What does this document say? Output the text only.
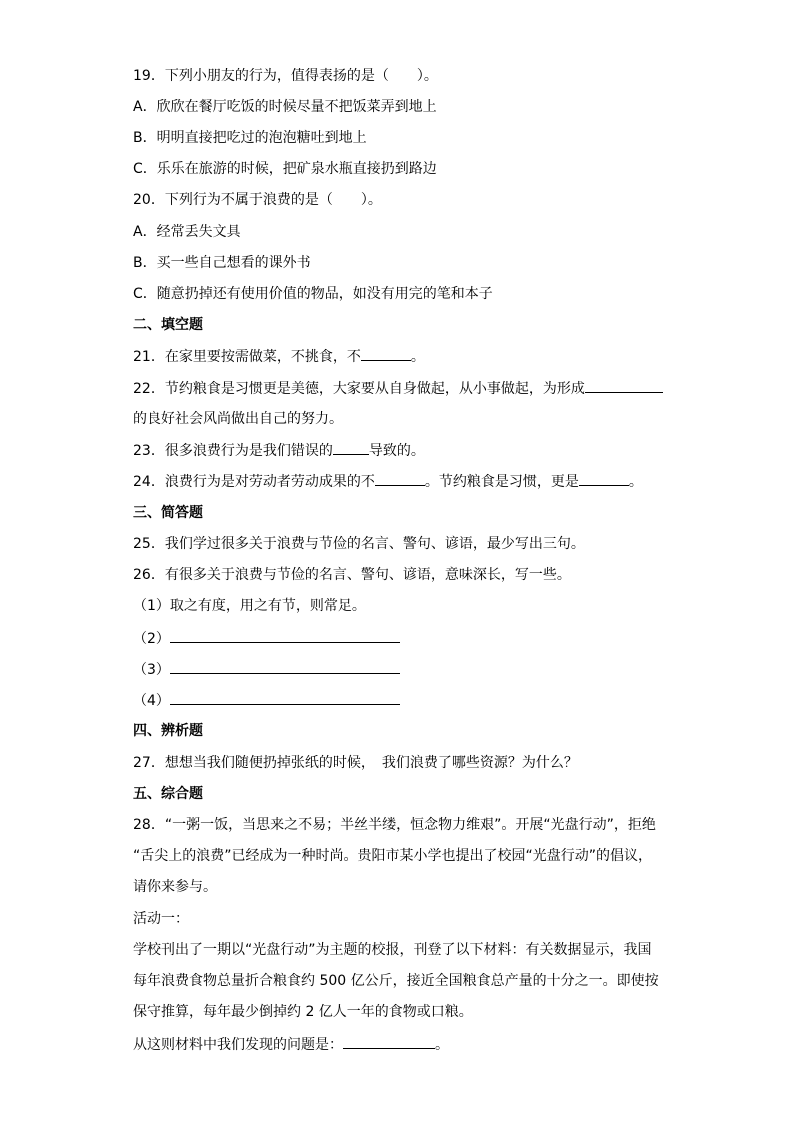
19．下列小朋友的行为，值得表扬的是（　　）。
A．欣欣在餐厅吃饭的时候尽量不把饭菜弄到地上
B．明明直接把吃过的泡泡糖吐到地上
C．乐乐在旅游的时候，把矿泉水瓶直接扔到路边
20．下列行为不属于浪费的是（　　）。
A．经常丢失文具
B．买一些自己想看的课外书
C．随意扔掉还有使用价值的物品，如没有用完的笔和本子
二、填空题
21．在家里要按需做菜，不挑食，不	。
22．节约粮食是习惯更是美德，大家要从自身做起，从小事做起，为形成
的良好社会风尚做出自己的努力。
23．很多浪费行为是我们错误的	导致的。
24．浪费行为是对劳动者劳动成果的不	。节约粮食是习惯，更是	。
三、简答题
25．我们学过很多关于浪费与节俭的名言、警句、谚语，最少写出三句。
26．有很多关于浪费与节俭的名言、警句、谚语，意味深长，写一些。
（1）取之有度，用之有节，则常足。
（2）
（3）
（4）
四、辨析题
27．想想当我们随便扔掉张纸的时候，　我们浪费了哪些资源？为什么？
五、综合题
28．“一粥一饭，当思来之不易；半丝半缕，恒念物力维艰”。开展“光盘行动”，拒绝
“舌尖上的浪费”已经成为一种时尚。贵阳市某小学也提出了校园“光盘行动”的倡议，
请你来参与。
活动一：
学校刊出了一期以“光盘行动”为主题的校报，刊登了以下材料：有关数据显示，我国
每年浪费食物总量折合粮食约 500 亿公斤，接近全国粮食总产量的十分之一。即使按
保守推算，每年最少倒掉约 2 亿人一年的食物或口粮。
从这则材料中我们发现的问题是：	。
